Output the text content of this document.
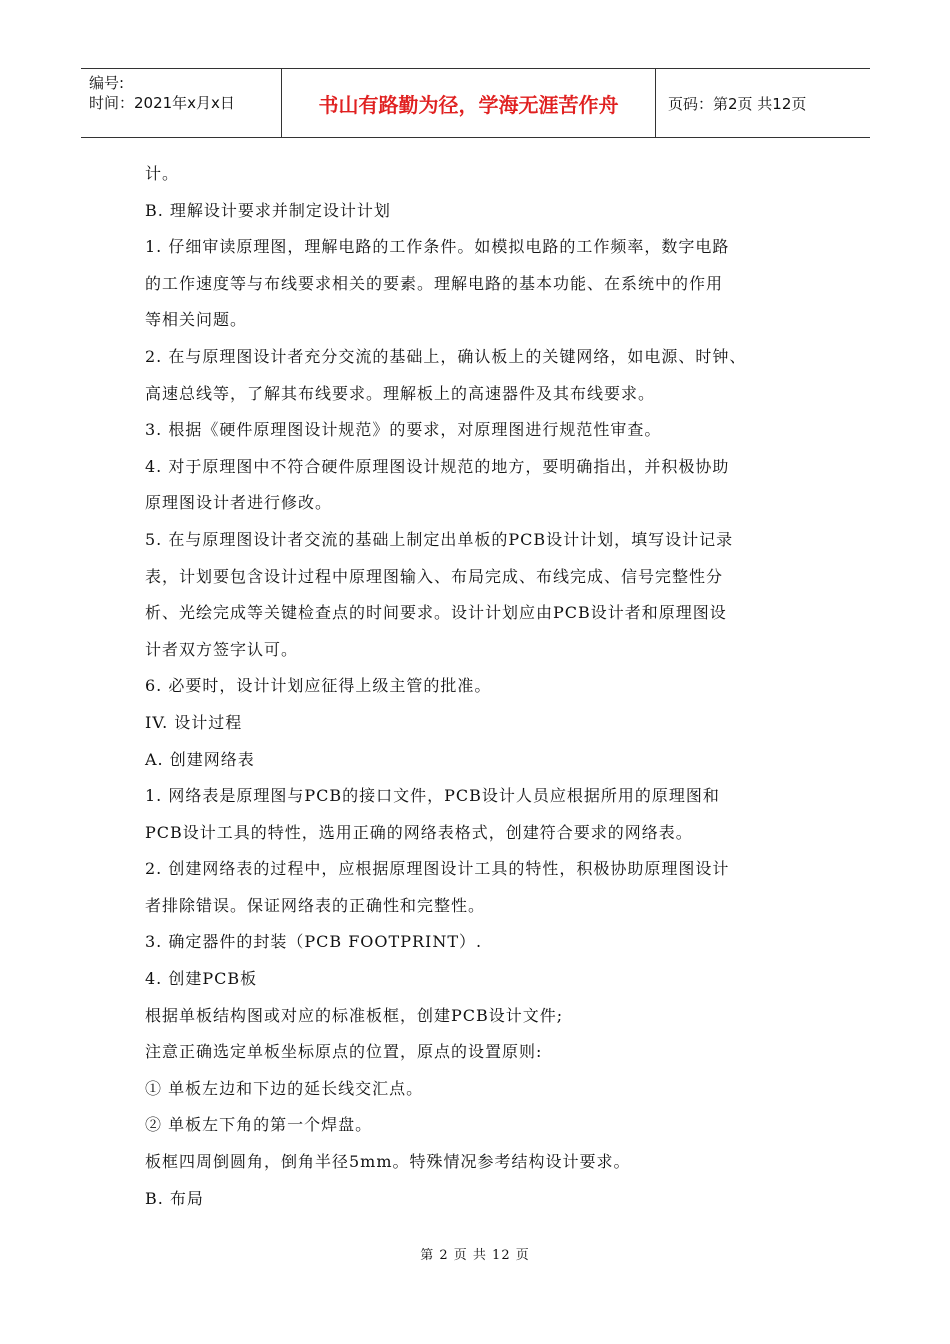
编号:
时间：2021年x月x日	书山有路勤为径，学海无涯苦作舟	页码：第2页 共12页
计。
B. 理解设计要求并制定设计计划
1. 仔细审读原理图，理解电路的工作条件。如模拟电路的工作频率，数字电路
的工作速度等与布线要求相关的要素。理解电路的基本功能、在系统中的作用
等相关问题。
2. 在与原理图设计者充分交流的基础上，确认板上的关键网络，如电源、时钟、
高速总线等，了解其布线要求。理解板上的高速器件及其布线要求。
3. 根据《硬件原理图设计规范》的要求，对原理图进行规范性审查。
4. 对于原理图中不符合硬件原理图设计规范的地方，要明确指出，并积极协助
原理图设计者进行修改。
5. 在与原理图设计者交流的基础上制定出单板的PCB设计计划，填写设计记录
表，计划要包含设计过程中原理图输入、布局完成、布线完成、信号完整性分
析、光绘完成等关键检查点的时间要求。设计计划应由PCB设计者和原理图设
计者双方签字认可。
6. 必要时，设计计划应征得上级主管的批准。
IV. 设计过程
A. 创建网络表
1. 网络表是原理图与PCB的接口文件，PCB设计人员应根据所用的原理图和
PCB设计工具的特性，选用正确的网络表格式，创建符合要求的网络表。
2. 创建网络表的过程中，应根据原理图设计工具的特性，积极协助原理图设计
者排除错误。保证网络表的正确性和完整性。
3. 确定器件的封装（PCB FOOTPRINT）.
4. 创建PCB板
根据单板结构图或对应的标准板框，创建PCB设计文件;
注意正确选定单板坐标原点的位置，原点的设置原则:
① 单板左边和下边的延长线交汇点。
② 单板左下角的第一个焊盘。
板框四周倒圆角，倒角半径5mm。特殊情况参考结构设计要求。
B. 布局
第 2 页 共 12 页
